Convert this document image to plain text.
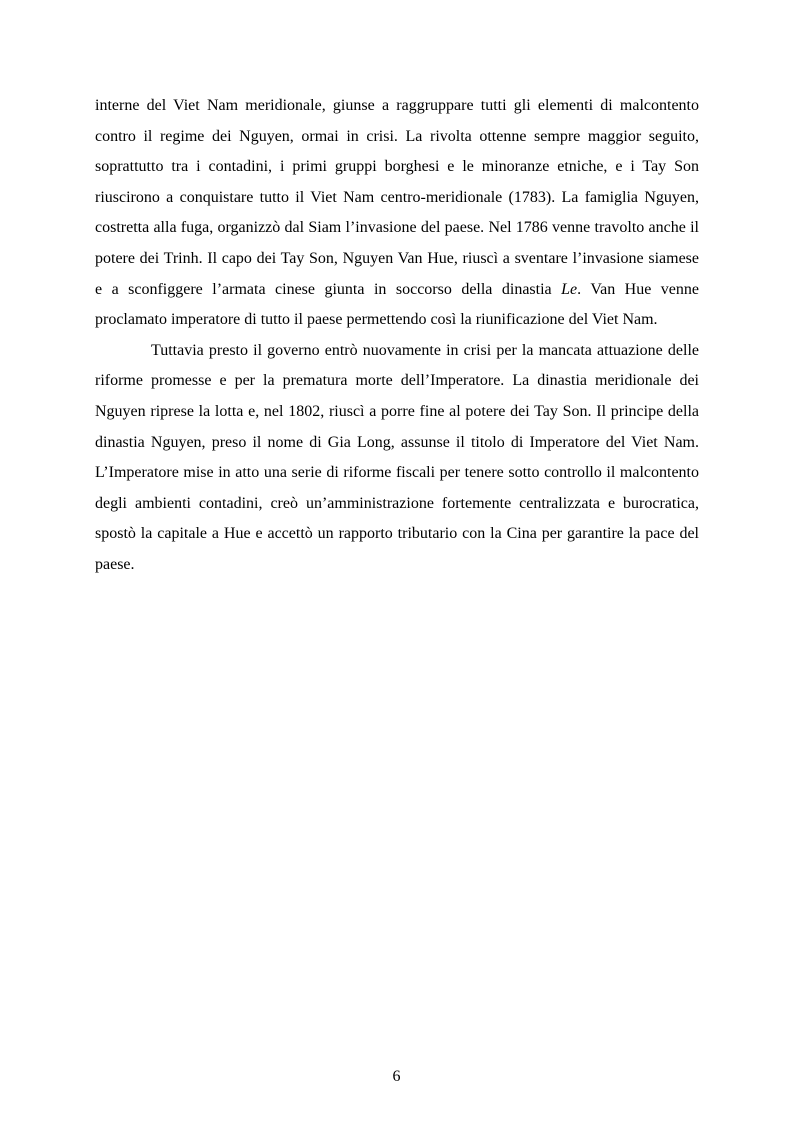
interne del Viet Nam meridionale, giunse a raggruppare tutti gli elementi di malcontento contro il regime dei Nguyen, ormai in crisi. La rivolta ottenne sempre maggior seguito, soprattutto tra i contadini, i primi gruppi borghesi e le minoranze etniche, e i Tay Son riuscirono a conquistare tutto il Viet Nam centro-meridionale (1783). La famiglia Nguyen, costretta alla fuga, organizzò dal Siam l’invasione del paese. Nel 1786 venne travolto anche il potere dei Trinh. Il capo dei Tay Son, Nguyen Van Hue, riuscì a sventare l’invasione siamese e a sconfiggere l’armata cinese giunta in soccorso della dinastia Le. Van Hue venne proclamato imperatore di tutto il paese permettendo così la riunificazione del Viet Nam.

Tuttavia presto il governo entrò nuovamente in crisi per la mancata attuazione delle riforme promesse e per la prematura morte dell’Imperatore. La dinastia meridionale dei Nguyen riprese la lotta e, nel 1802, riuscì a porre fine al potere dei Tay Son. Il principe della dinastia Nguyen, preso il nome di Gia Long, assunse il titolo di Imperatore del Viet Nam. L’Imperatore mise in atto una serie di riforme fiscali per tenere sotto controllo il malcontento degli ambienti contadini, creò un’amministrazione fortemente centralizzata e burocratica, spostò la capitale a Hue e accettò un rapporto tributario con la Cina per garantire la pace del paese.

6
